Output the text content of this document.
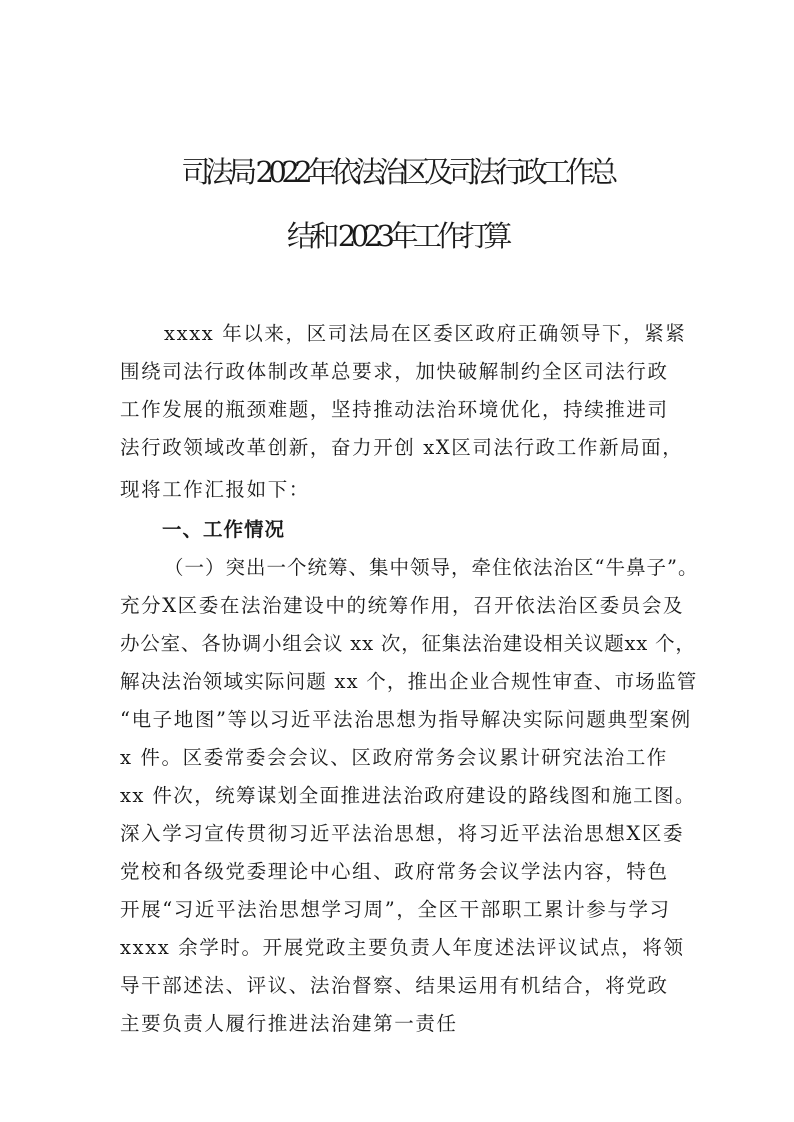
司法局 2022年依法治区及司法行政工作总
结和 2023年工作打算
xxxx 年以来，区司法局在区委区政府正确领导下，紧紧
围绕司法行政体制改革总要求，加快破解制约全区司法行政
工作发展的瓶颈难题，坚持推动法治环境优化，持续推进司
法行政领域改革创新，奋力开创 xX区司法行政工作新局面，
现将工作汇报如下：
一、工作情况
（一）突出一个统筹、集中领导，牵住依法治区“牛鼻子”。
充分X区委在法治建设中的统筹作用，召开依法治区委员会及
办公室、各协调小组会议 xx 次，征集法治建设相关议题xx 个，
解决法治领域实际问题 xx 个，推出企业合规性审查、市场监管
“电子地图”等以习近平法治思想为指导解决实际问题典型案例
x 件。区委常委会会议、区政府常务会议累计研究法治工作
xx 件次，统筹谋划全面推进法治政府建设的路线图和施工图。
深入学习宣传贯彻习近平法治思想，将习近平法治思想X区委
党校和各级党委理论中心组、政府常务会议学法内容，特色
开展“习近平法治思想学习周”，全区干部职工累计参与学习
xxxx 余学时。开展党政主要负责人年度述法评议试点，将领
导干部述法、评议、法治督察、结果运用有机结合，将党政
主要负责人履行推进法治建第一责任
